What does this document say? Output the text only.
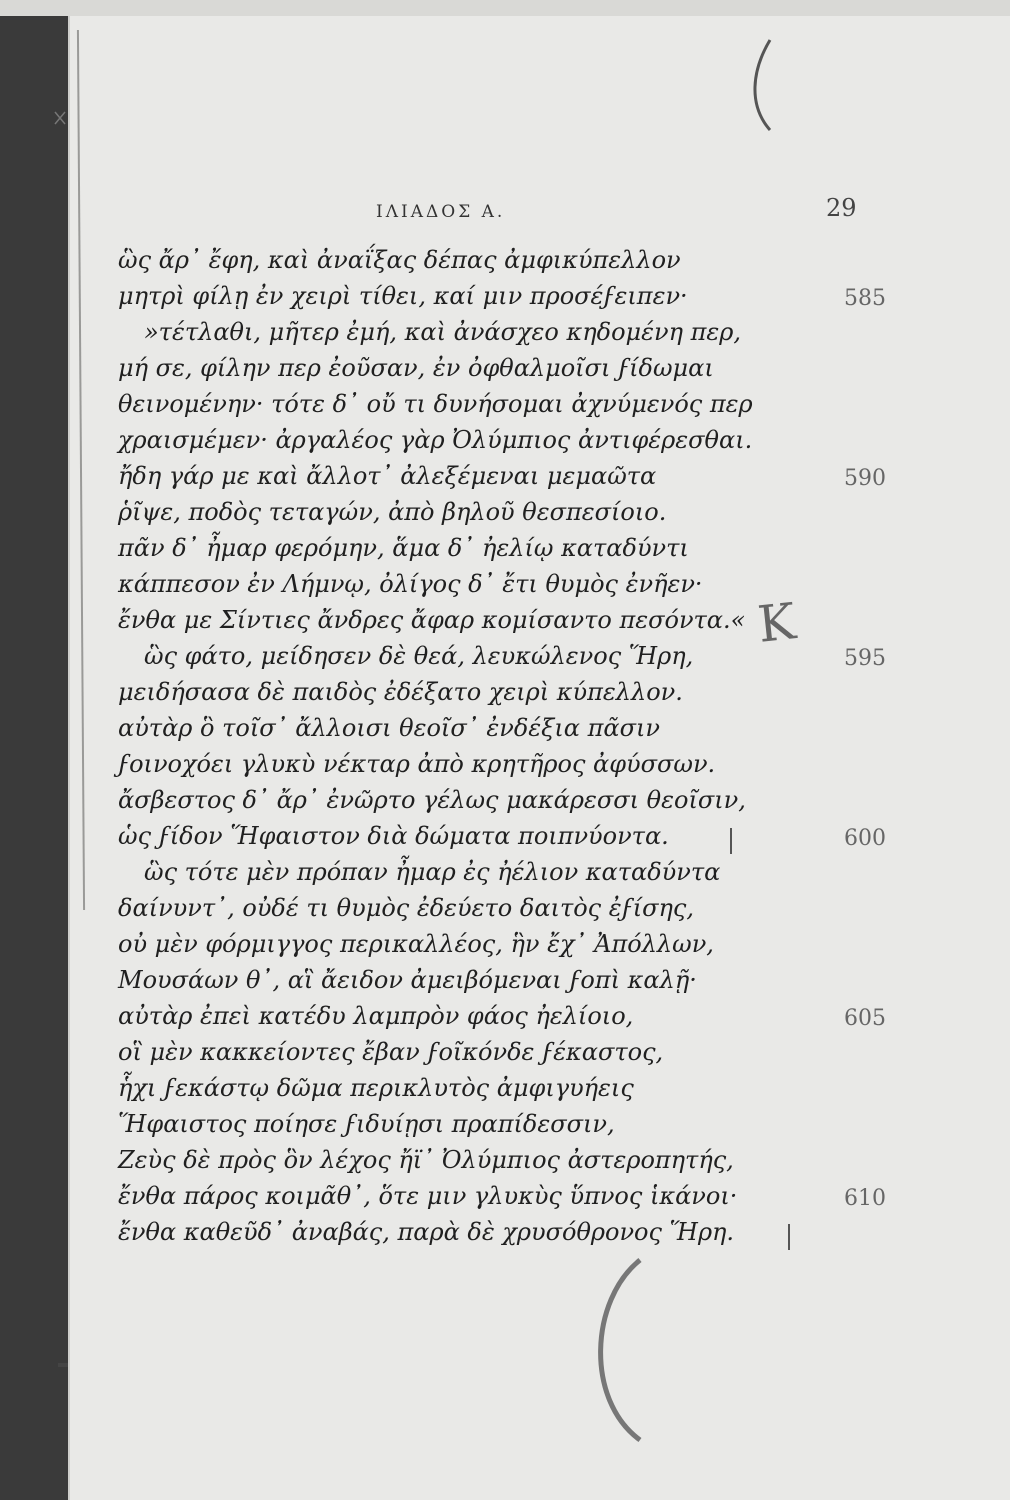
ΙΛΙΑΔΟΣ Α.	29
ὣς ἄρ᾽ ἔφη, καὶ ἀναΐξας δέπας ἀμφικύπελλον
μητρὶ φίλῃ ἐν χειρὶ τίθει, καί μιν προσέϝειπεν·
»τέτλαθι, μῆτερ ἐμή, καὶ ἀνάσχεο κηδομένη περ,
μή σε, φίλην περ ἐοῦσαν, ἐν ὀφθαλμοῖσι ϝίδωμαι
θεινομένην· τότε δ᾽ οὔ τι δυνήσομαι ἀχνύμενός περ
χραισμέμεν· ἀργαλέος γὰρ Ὀλύμπιος ἀντιφέρεσθαι.
ἤδη γάρ με καὶ ἄλλοτ᾽ ἀλεξέμεναι μεμαῶτα
ῥῖψε, ποδὸς τεταγών, ἀπὸ βηλοῦ θεσπεσίοιο.
πᾶν δ᾽ ἦμαρ φερόμην, ἅμα δ᾽ ἠελίῳ καταδύντι
κάππεσον ἐν Λήμνῳ, ὀλίγος δ᾽ ἔτι θυμὸς ἐνῆεν·
ἔνθα με Σίντιες ἄνδρες ἄφαρ κομίσαντο πεσόντα.«
ὣς φάτο, μείδησεν δὲ θεά, λευκώλενος Ἥρη,
μειδήσασα δὲ παιδὸς ἐδέξατο χειρὶ κύπελλον.
αὐτὰρ ὃ τοῖσ᾽ ἄλλοισι θεοῖσ᾽ ἐνδέξια πᾶσιν
ϝοινοχόει γλυκὺ νέκταρ ἀπὸ κρητῆρος ἀφύσσων.
ἄσβεστος δ᾽ ἄρ᾽ ἐνῶρτο γέλως μακάρεσσι θεοῖσιν,
ὡς ϝίδον Ἥφαιστον διὰ δώματα ποιπνύοντα.
ὣς τότε μὲν πρόπαν ἦμαρ ἐς ἠέλιον καταδύντα
δαίνυντ᾽, οὐδέ τι θυμὸς ἐδεύετο δαιτὸς ἐϝίσης,
οὐ μὲν φόρμιγγος περικαλλέος, ἣν ἔχ᾽ Ἀπόλλων,
Μουσάων θ᾽, αἳ ἄειδον ἀμειβόμεναι ϝοπὶ καλῇ·
αὐτὰρ ἐπεὶ κατέδυ λαμπρὸν φάος ἠελίοιο,
οἳ μὲν κακκείοντες ἔβαν ϝοῖκόνδε ϝέκαστος,
ἧχι ϝεκάστῳ δῶμα περικλυτὸς ἀμφιγυήεις
Ἥφαιστος ποίησε ϝιδυίῃσι πραπίδεσσιν,
Ζεὺς δὲ πρὸς ὃν λέχος ἤϊ᾽ Ὀλύμπιος ἀστεροπητής,
ἔνθα πάρος κοιμᾶθ᾽, ὅτε μιν γλυκὺς ὕπνος ἱκάνοι·
ἔνθα καθεῦδ᾽ ἀναβάς, παρὰ δὲ χρυσόθρονος Ἥρη.
585
590
595
600
605
610
K
